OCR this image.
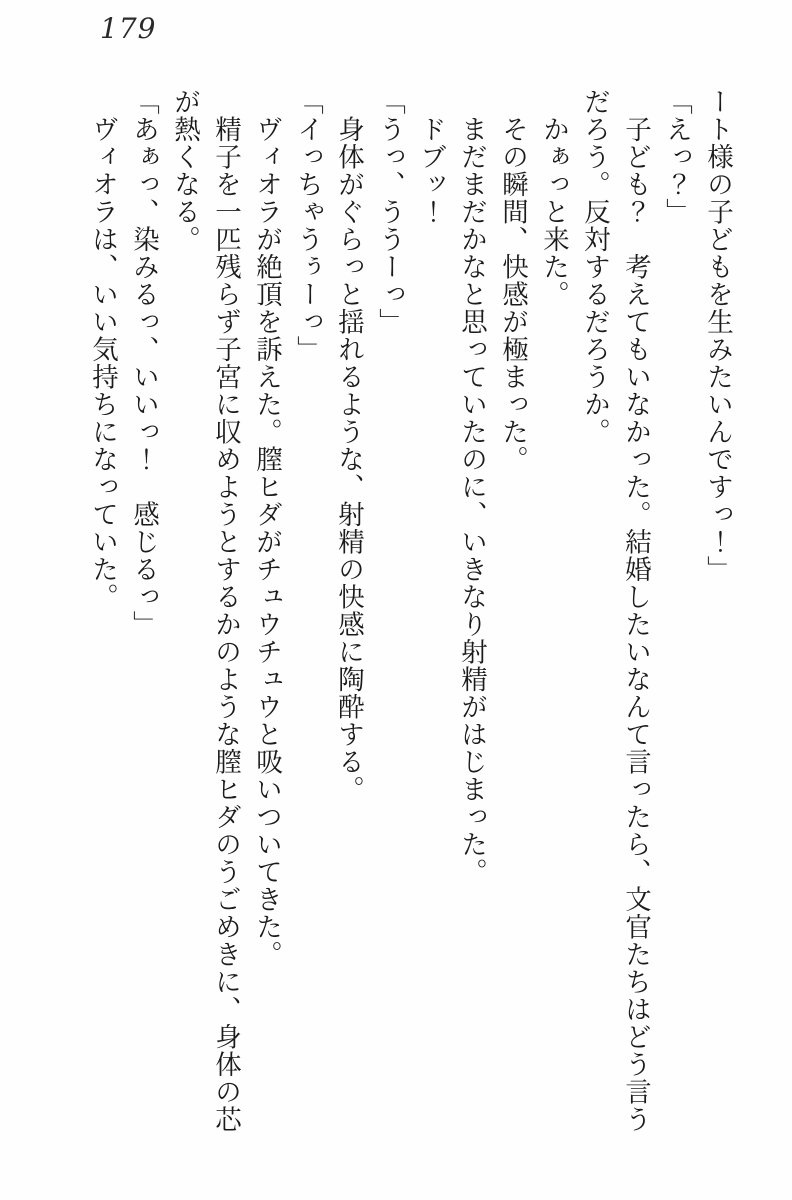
179

ート様の子どもを生みたいんですっ！」

「えっ？」

　子ども？　考えてもいなかった。結婚したいなんて言ったら、文官たちはどう言う

だろう。反対するだろうか。

　かぁっと来た。

　その瞬間、快感が極まった。

　まだまだかなと思っていたのに、いきなり射精がはじまった。

　ドブッ！

「うっ、ううーっ」

　身体がぐらっと揺れるような、射精の快感に陶酔する。

「イっちゃうぅーっ」

　ヴィオラが絶頂を訴えた。膣ヒダがチュウチュウと吸いついてきた。

　精子を一匹残らず子宮に収めようとするかのような膣ヒダのうごめきに、身体の芯

が熱くなる。

「あぁっ、染みるっ、いいっ！　感じるっ」

　ヴィオラは、いい気持ちになっていた。
